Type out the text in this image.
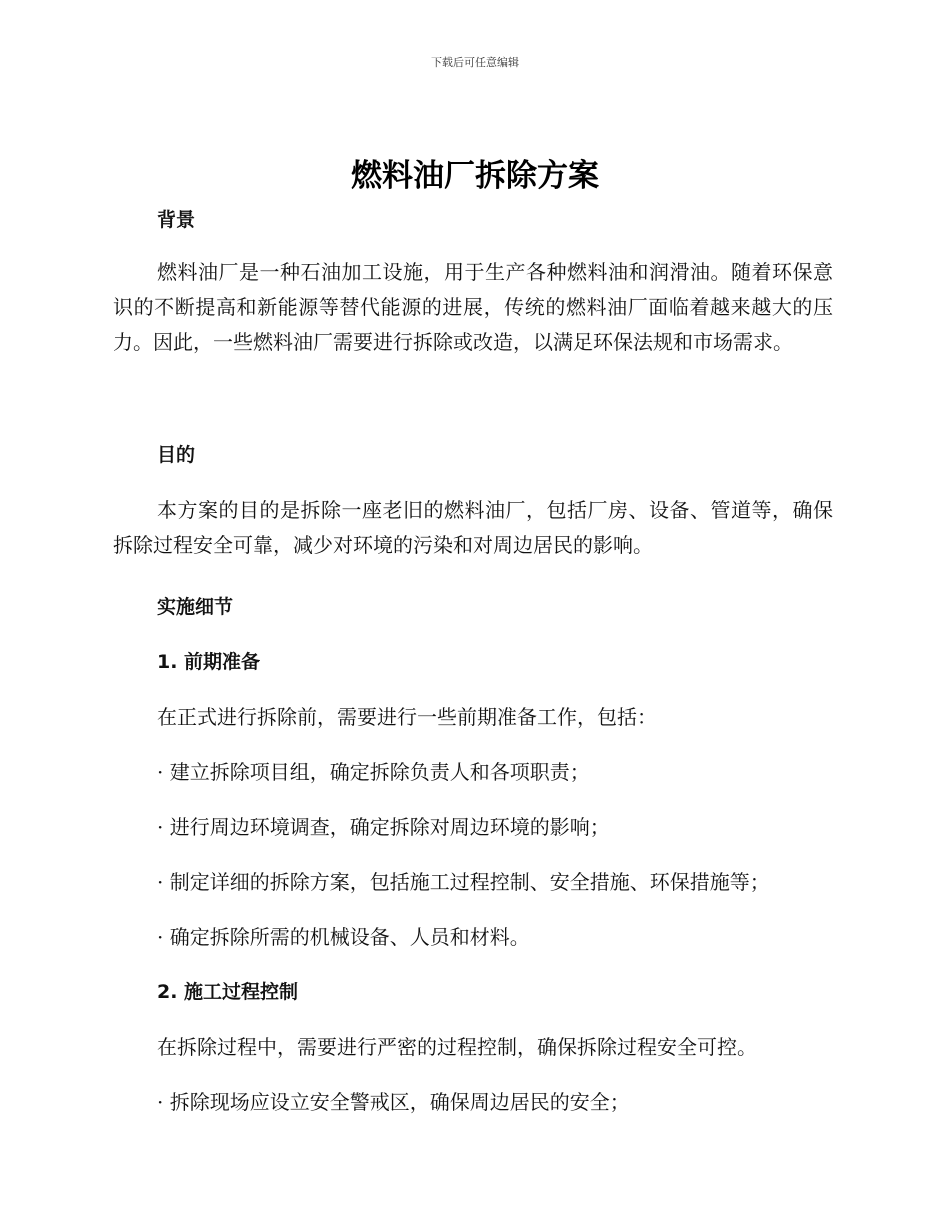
下载后可任意编辑
燃料油厂拆除方案
背景

燃料油厂是一种石油加工设施，用于生产各种燃料油和润滑油。随着环保意识的不断提高和新能源等替代能源的进展，传统的燃料油厂面临着越来越大的压力。因此，一些燃料油厂需要进行拆除或改造，以满足环保法规和市场需求。

目的

本方案的目的是拆除一座老旧的燃料油厂，包括厂房、设备、管道等，确保拆除过程安全可靠，减少对环境的污染和对周边居民的影响。

实施细节
1. 前期准备
在正式进行拆除前，需要进行一些前期准备工作，包括：
· 建立拆除项目组，确定拆除负责人和各项职责；
· 进行周边环境调查，确定拆除对周边环境的影响；
· 制定详细的拆除方案，包括施工过程控制、安全措施、环保措施等；
· 确定拆除所需的机械设备、人员和材料。
2. 施工过程控制
在拆除过程中，需要进行严密的过程控制，确保拆除过程安全可控。
· 拆除现场应设立安全警戒区，确保周边居民的安全；
